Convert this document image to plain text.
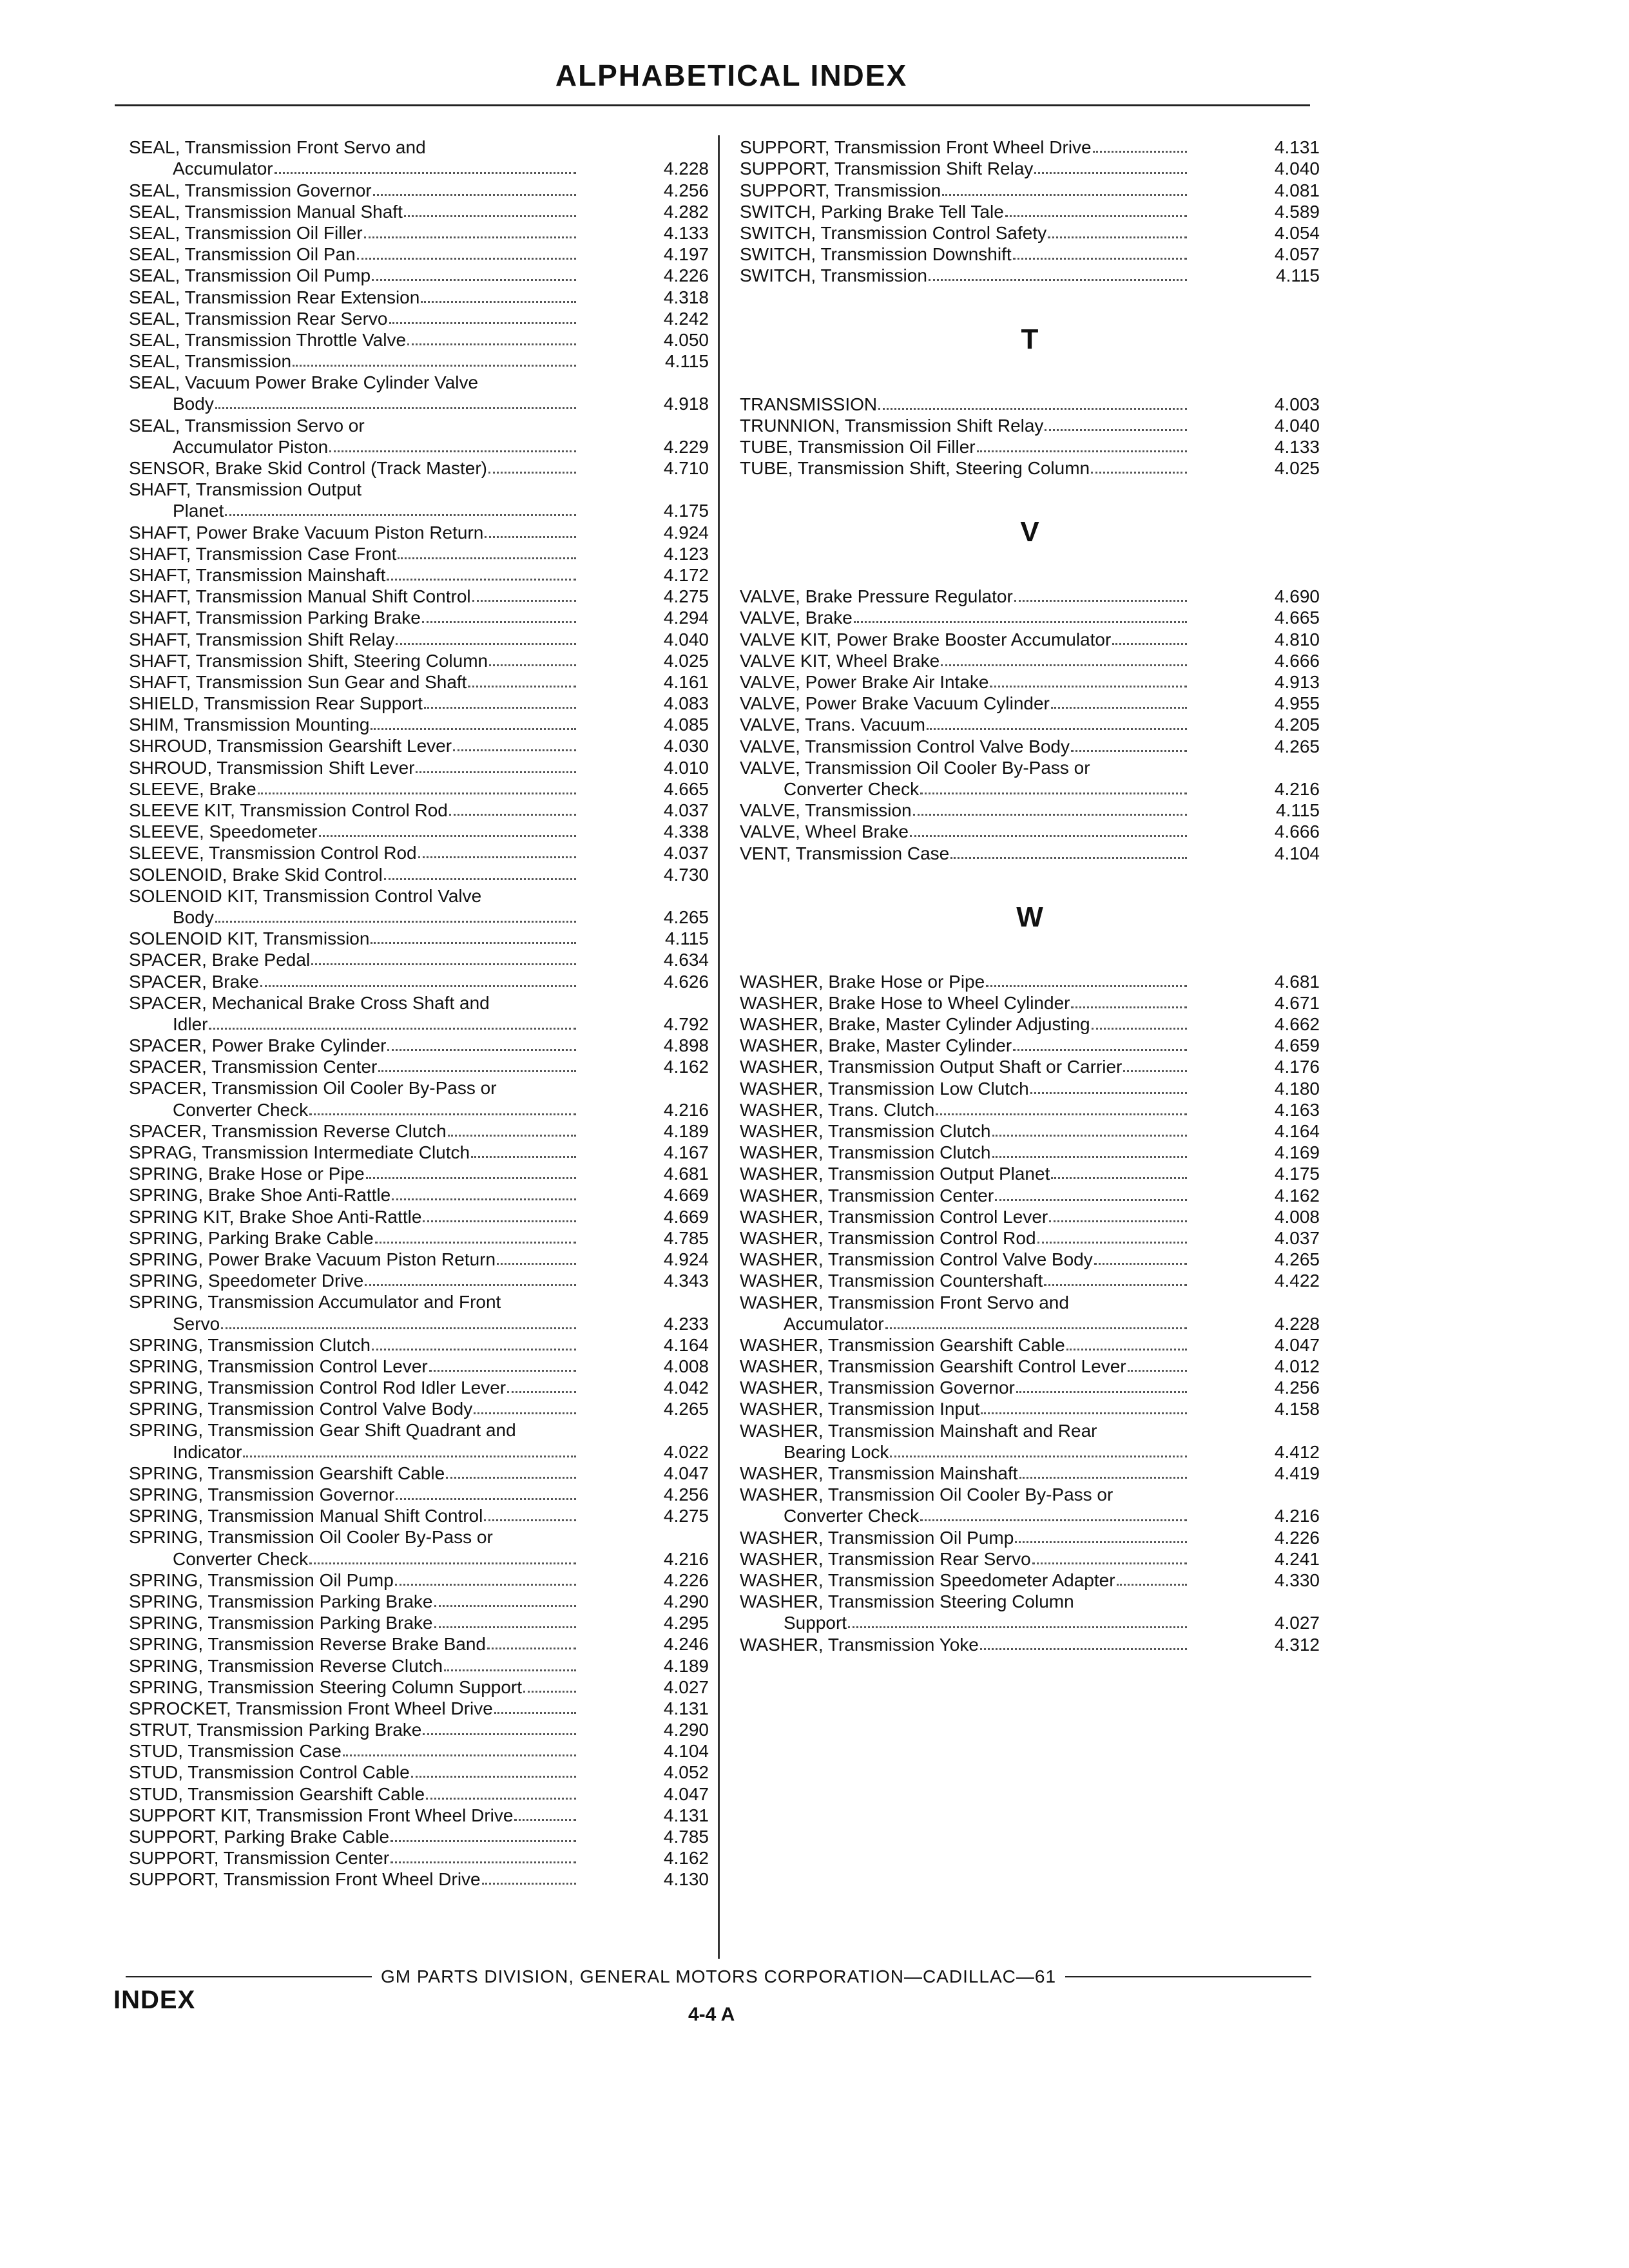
ALPHABETICAL INDEX
SEAL, Transmission Front Servo and
Accumulator	4.228
SEAL, Transmission Governor	4.256
SEAL, Transmission Manual Shaft	4.282
SEAL, Transmission Oil Filler	4.133
SEAL, Transmission Oil Pan	4.197
SEAL, Transmission Oil Pump	4.226
SEAL, Transmission Rear Extension	4.318
SEAL, Transmission Rear Servo	4.242
SEAL, Transmission Throttle Valve	4.050
SEAL, Transmission	4.115
SEAL, Vacuum Power Brake Cylinder Valve
Body	4.918
SEAL, Transmission Servo or
Accumulator Piston	4.229
SENSOR, Brake Skid Control (Track Master)	4.710
SHAFT, Transmission Output
Planet	4.175
SHAFT, Power Brake Vacuum Piston Return	4.924
SHAFT, Transmission Case Front	4.123
SHAFT, Transmission Mainshaft	4.172
SHAFT, Transmission Manual Shift Control	4.275
SHAFT, Transmission Parking Brake	4.294
SHAFT, Transmission Shift Relay	4.040
SHAFT, Transmission Shift, Steering Column	4.025
SHAFT, Transmission Sun Gear and Shaft	4.161
SHIELD, Transmission Rear Support	4.083
SHIM, Transmission Mounting	4.085
SHROUD, Transmission Gearshift Lever	4.030
SHROUD, Transmission Shift Lever	4.010
SLEEVE, Brake	4.665
SLEEVE KIT, Transmission Control Rod	4.037
SLEEVE, Speedometer	4.338
SLEEVE, Transmission Control Rod	4.037
SOLENOID, Brake Skid Control	4.730
SOLENOID KIT, Transmission Control Valve
Body	4.265
SOLENOID KIT, Transmission	4.115
SPACER, Brake Pedal	4.634
SPACER, Brake	4.626
SPACER, Mechanical Brake Cross Shaft and
Idler	4.792
SPACER, Power Brake Cylinder	4.898
SPACER, Transmission Center	4.162
SPACER, Transmission Oil Cooler By-Pass or
Converter Check	4.216
SPACER, Transmission Reverse Clutch	4.189
SPRAG, Transmission Intermediate Clutch	4.167
SPRING, Brake Hose or Pipe	4.681
SPRING, Brake Shoe Anti-Rattle	4.669
SPRING KIT, Brake Shoe Anti-Rattle	4.669
SPRING, Parking Brake Cable	4.785
SPRING, Power Brake Vacuum Piston Return	4.924
SPRING, Speedometer Drive	4.343
SPRING, Transmission Accumulator and Front
Servo	4.233
SPRING, Transmission Clutch	4.164
SPRING, Transmission Control Lever	4.008
SPRING, Transmission Control Rod Idler Lever	4.042
SPRING, Transmission Control Valve Body	4.265
SPRING, Transmission Gear Shift Quadrant and
Indicator	4.022
SPRING, Transmission Gearshift Cable	4.047
SPRING, Transmission Governor	4.256
SPRING, Transmission Manual Shift Control	4.275
SPRING, Transmission Oil Cooler By-Pass or
Converter Check	4.216
SPRING, Transmission Oil Pump	4.226
SPRING, Transmission Parking Brake	4.290
SPRING, Transmission Parking Brake	4.295
SPRING, Transmission Reverse Brake Band	4.246
SPRING, Transmission Reverse Clutch	4.189
SPRING, Transmission Steering Column Support	4.027
SPROCKET, Transmission Front Wheel Drive	4.131
STRUT, Transmission Parking Brake	4.290
STUD, Transmission Case	4.104
STUD, Transmission Control Cable	4.052
STUD, Transmission Gearshift Cable	4.047
SUPPORT KIT, Transmission Front Wheel Drive	4.131
SUPPORT, Parking Brake Cable	4.785
SUPPORT, Transmission Center	4.162
SUPPORT, Transmission Front Wheel Drive	4.130
SUPPORT, Transmission Front Wheel Drive	4.131
SUPPORT, Transmission Shift Relay	4.040
SUPPORT, Transmission	4.081
SWITCH, Parking Brake Tell Tale	4.589
SWITCH, Transmission Control Safety	4.054
SWITCH, Transmission Downshift	4.057
SWITCH, Transmission	4.115
T
TRANSMISSION	4.003
TRUNNION, Transmission Shift Relay	4.040
TUBE, Transmission Oil Filler	4.133
TUBE, Transmission Shift, Steering Column	4.025
V
VALVE, Brake Pressure Regulator	4.690
VALVE, Brake	4.665
VALVE KIT, Power Brake Booster Accumulator	4.810
VALVE KIT, Wheel Brake	4.666
VALVE, Power Brake Air Intake	4.913
VALVE, Power Brake Vacuum Cylinder	4.955
VALVE, Trans. Vacuum	4.205
VALVE, Transmission Control Valve Body	4.265
VALVE, Transmission Oil Cooler By-Pass or
Converter Check	4.216
VALVE, Transmission	4.115
VALVE, Wheel Brake	4.666
VENT, Transmission Case	4.104
W
WASHER, Brake Hose or Pipe	4.681
WASHER, Brake Hose to Wheel Cylinder	4.671
WASHER, Brake, Master Cylinder Adjusting	4.662
WASHER, Brake, Master Cylinder	4.659
WASHER, Transmission Output Shaft or Carrier	4.176
WASHER, Transmission Low Clutch	4.180
WASHER, Trans. Clutch	4.163
WASHER, Transmission Clutch	4.164
WASHER, Transmission Clutch	4.169
WASHER, Transmission Output Planet	4.175
WASHER, Transmission Center	4.162
WASHER, Transmission Control Lever	4.008
WASHER, Transmission Control Rod	4.037
WASHER, Transmission Control Valve Body	4.265
WASHER, Transmission Countershaft	4.422
WASHER, Transmission Front Servo and
Accumulator	4.228
WASHER, Transmission Gearshift Cable	4.047
WASHER, Transmission Gearshift Control Lever	4.012
WASHER, Transmission Governor	4.256
WASHER, Transmission Input	4.158
WASHER, Transmission Mainshaft and Rear
Bearing Lock	4.412
WASHER, Transmission Mainshaft	4.419
WASHER, Transmission Oil Cooler By-Pass or
Converter Check	4.216
WASHER, Transmission Oil Pump	4.226
WASHER, Transmission Rear Servo	4.241
WASHER, Transmission Speedometer Adapter	4.330
WASHER, Transmission Steering Column
Support	4.027
WASHER, Transmission Yoke	4.312
GM PARTS DIVISION, GENERAL MOTORS CORPORATION—CADILLAC—61
INDEX
4-4 A
